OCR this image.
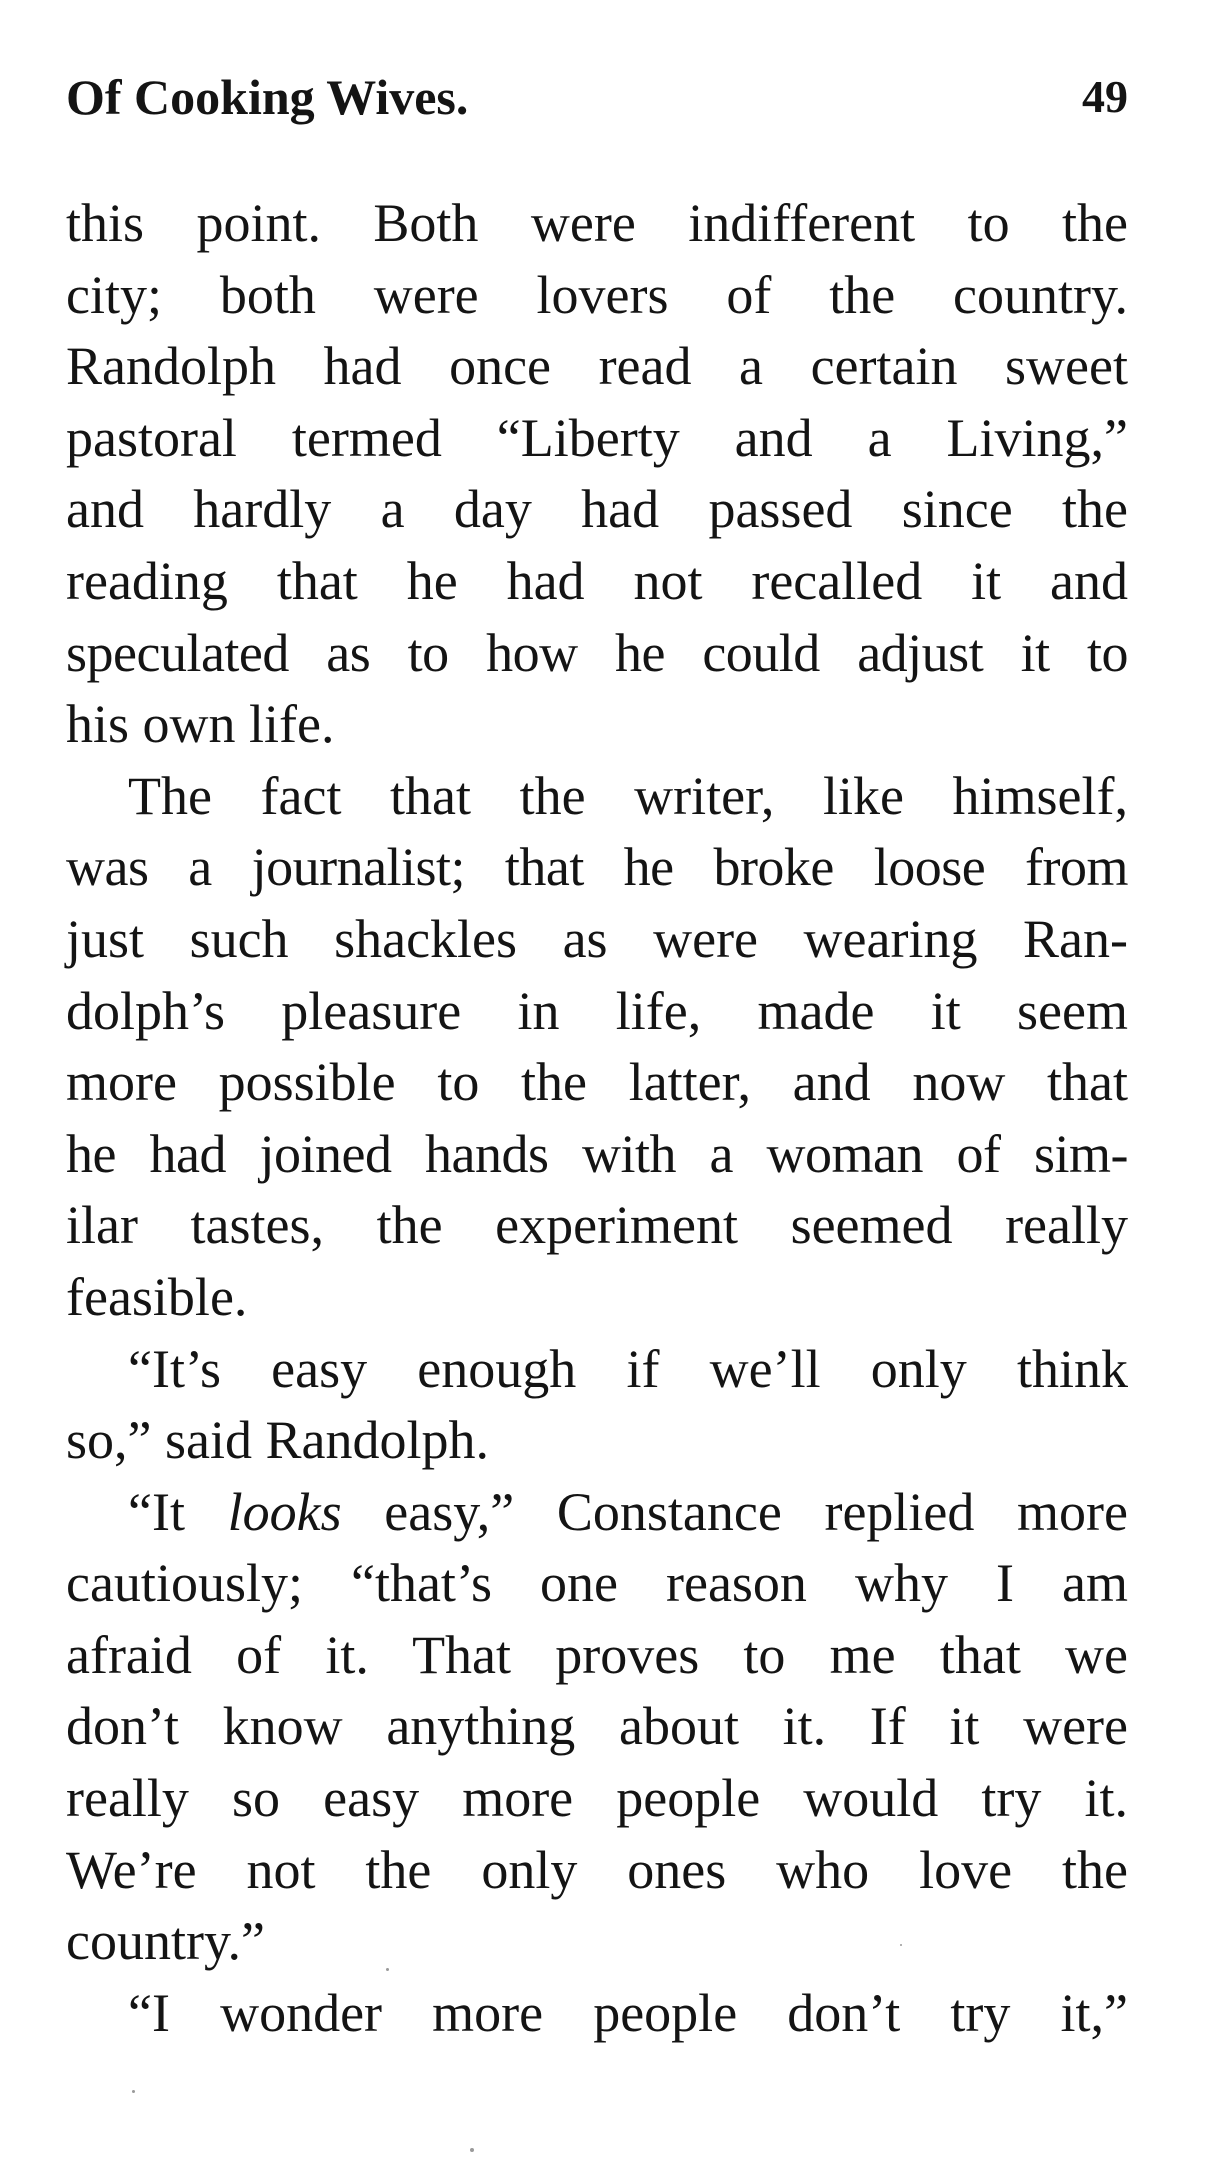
Of Cooking Wives.	49
this point. Both were indifferent to the
city; both were lovers of the country.
Randolph had once read a certain sweet
pastoral termed “Liberty and a Living,”
and hardly a day had passed since the
reading that he had not recalled it and
speculated as to how he could adjust it to
his own life.
The fact that the writer, like himself,
was a journalist; that he broke loose from
just such shackles as were wearing Ran-
dolph’s pleasure in life, made it seem
more possible to the latter, and now that
he had joined hands with a woman of sim-
ilar tastes, the experiment seemed really
feasible.
“It’s easy enough if we’ll only think
so,” said Randolph.
“It looks easy,” Constance replied more
cautiously; “that’s one reason why I am
afraid of it. That proves to me that we
don’t know anything about it. If it were
really so easy more people would try it.
We’re not the only ones who love the
country.”
“I wonder more people don’t try it,”
